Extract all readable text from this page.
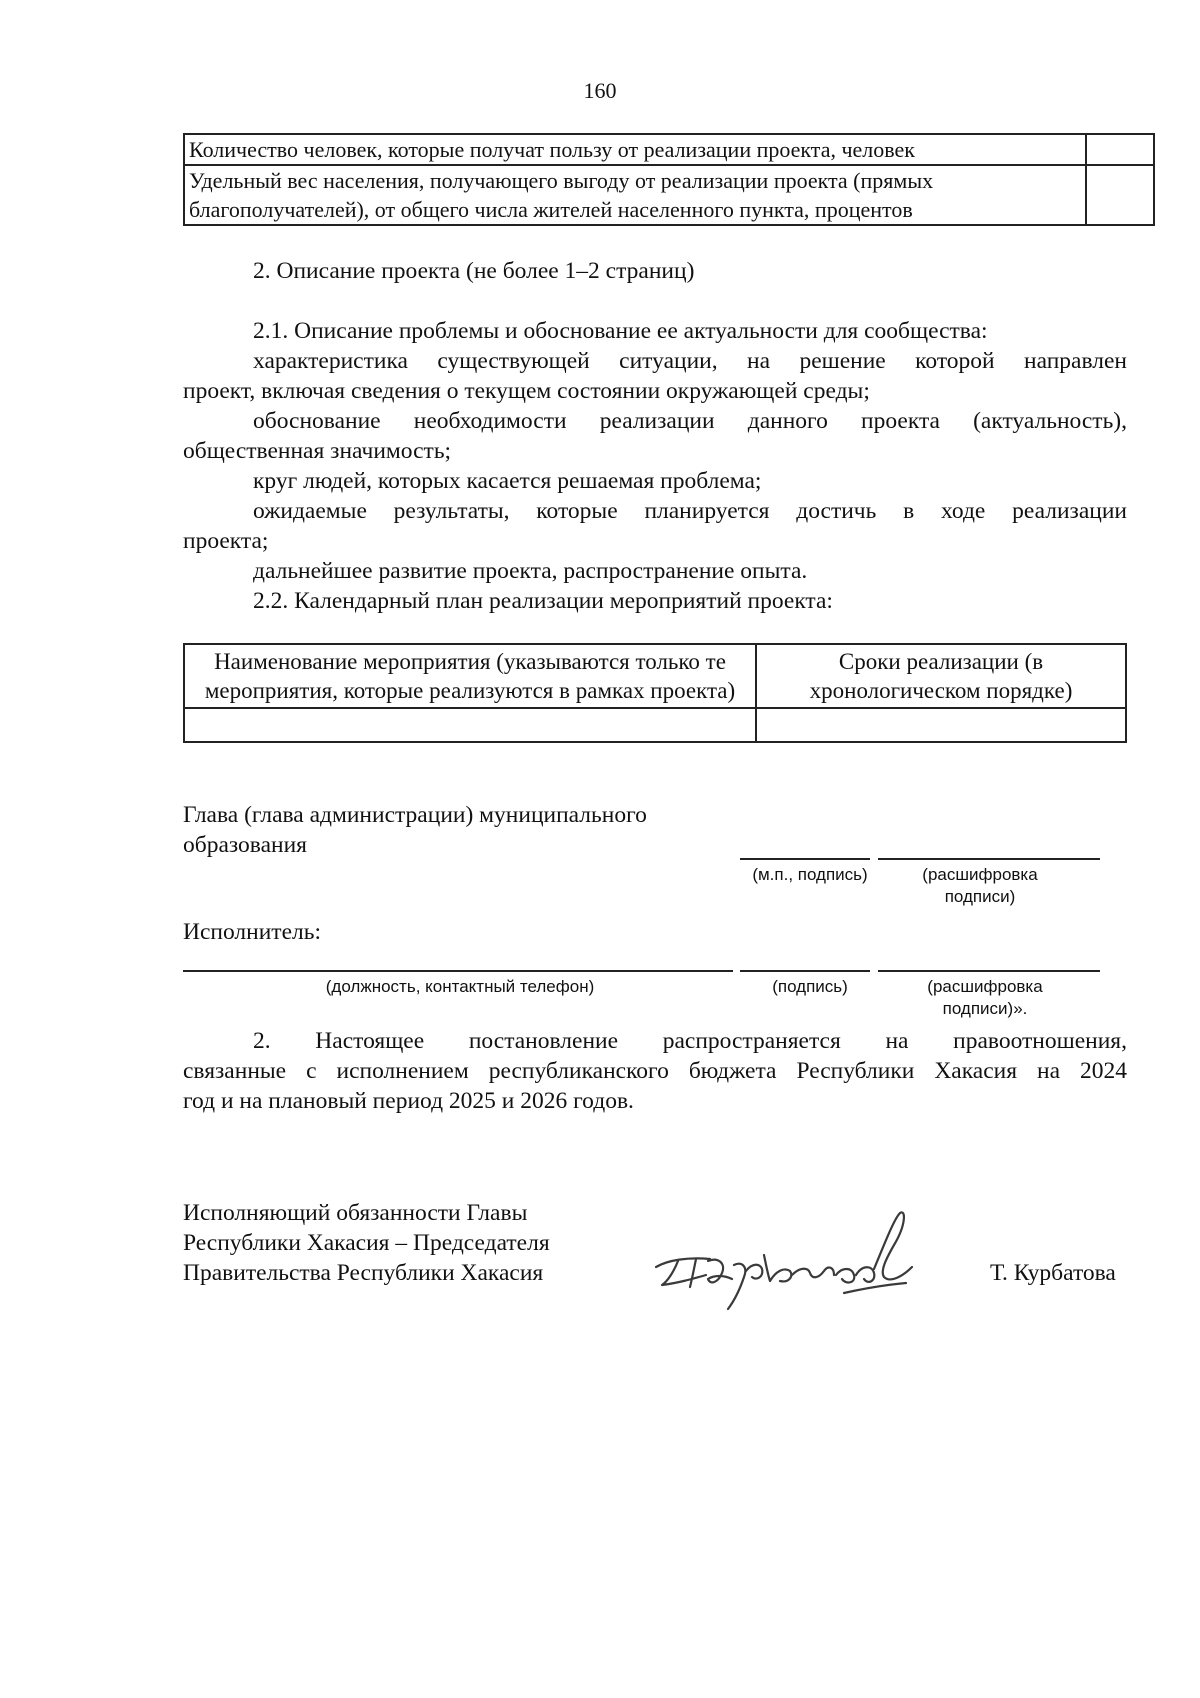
160
Количество человек, которые получат пользу от реализации проекта, человек	
Удельный вес населения, получающего выгоду от реализации проекта (прямых благополучателей), от общего числа жителей населенного пункта, процентов	
2. Описание проекта (не более 1–2 страниц)
2.1. Описание проблемы и обоснование ее актуальности для сообщества:
характеристика существующей ситуации, на решение которой направлен
проект, включая сведения о текущем состоянии окружающей среды;
обоснование необходимости реализации данного проекта (актуальность),
общественная значимость;
круг людей, которых касается решаемая проблема;
ожидаемые результаты, которые планируется достичь в ходе реализации
проекта;
дальнейшее развитие проекта, распространение опыта.
2.2. Календарный план реализации мероприятий проекта:
Наименование мероприятия (указываются только те мероприятия, которые реализуются в рамках проекта)	Сроки реализации (в хронологическом порядке)

Глава (глава администрации) муниципального образования
(м.п., подпись)	(расшифровка подписи)
Исполнитель:
(должность, контактный телефон)	(подпись)	(расшифровка подписи)».
2. Настоящее постановление распространяется на правоотношения,
связанные с исполнением республиканского бюджета Республики Хакасия на 2024
год и на плановый период 2025 и 2026 годов.
Исполняющий обязанности Главы
Республики Хакасия – Председателя
Правительства Республики Хакасия	Т. Курбатова
